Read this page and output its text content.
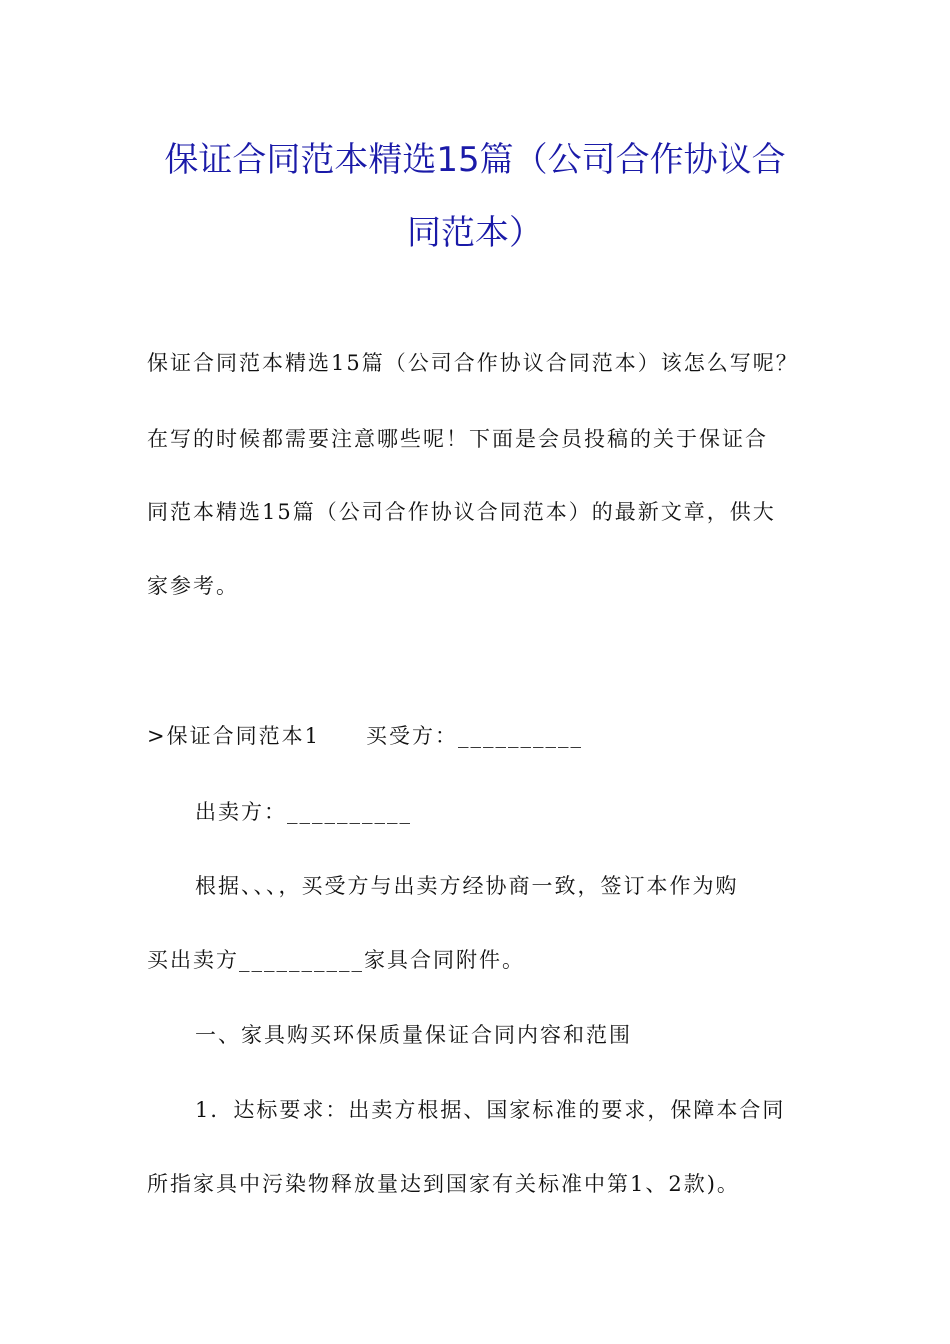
保证合同范本精选15篇（公司合作协议合
同范本）
保证合同范本精选15篇（公司合作协议合同范本）该怎么写呢？
在写的时候都需要注意哪些呢！下面是会员投稿的关于保证合
同范本精选15篇（公司合作协议合同范本）的最新文章，供大
家参考。
>保证合同范本1　　买受方：__________
出卖方：__________
根据、、、，买受方与出卖方经协商一致，签订本作为购
买出卖方__________家具合同附件。
一、家具购买环保质量保证合同内容和范围
1．达标要求：出卖方根据、国家标准的要求，保障本合同
所指家具中污染物释放量达到国家有关标准中第1、2款)。
